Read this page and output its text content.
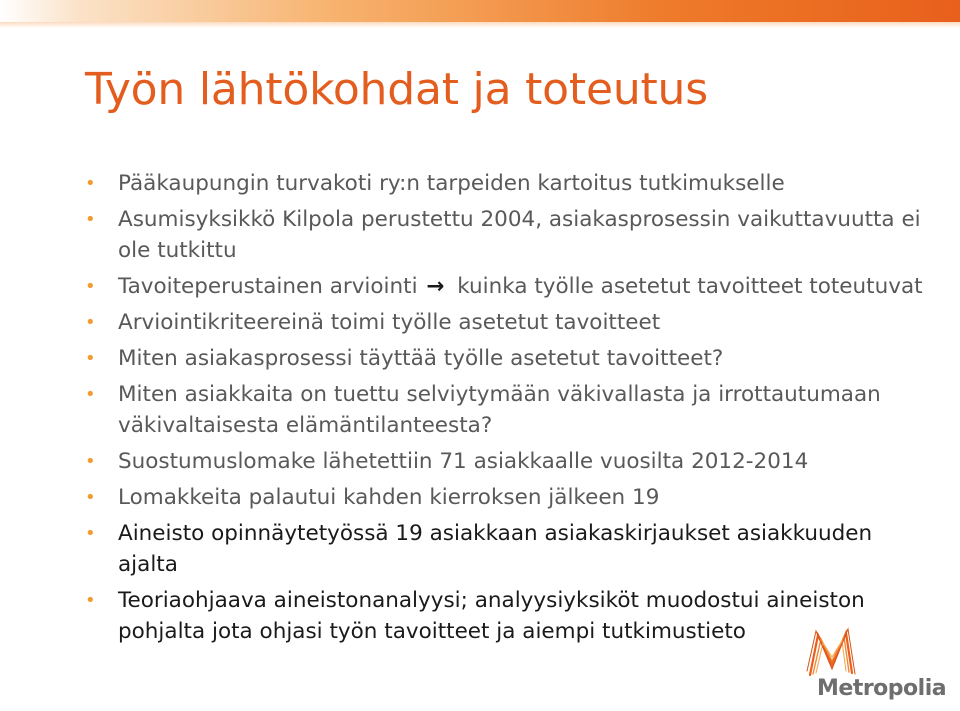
Työn lähtökohdat ja toteutus
• Pääkaupungin turvakoti ry:n tarpeiden kartoitus tutkimukselle
• Asumisyksikkö Kilpola perustettu 2004, asiakasprosessin vaikuttavuutta ei ole tutkittu
• Tavoiteperustainen arviointi → kuinka työlle asetetut tavoitteet toteutuvat
• Arviointikriteereinä toimi työlle asetetut tavoitteet
• Miten asiakasprosessi täyttää työlle asetetut tavoitteet?
• Miten asiakkaita on tuettu selviytymään väkivallasta ja irrottautumaan väkivaltaisesta elämäntilanteesta?
• Suostumuslomake lähetettiin 71 asiakkaalle vuosilta 2012-2014
• Lomakkeita palautui kahden kierroksen jälkeen 19
• Aineisto opinnäytetyössä 19 asiakkaan asiakaskirjaukset asiakkuuden ajalta
• Teoriaohjaava aineistonanalyysi; analyysiyksiköt muodostui aineiston pohjalta jota ohjasi työn tavoitteet ja aiempi tutkimustieto
Metropolia
